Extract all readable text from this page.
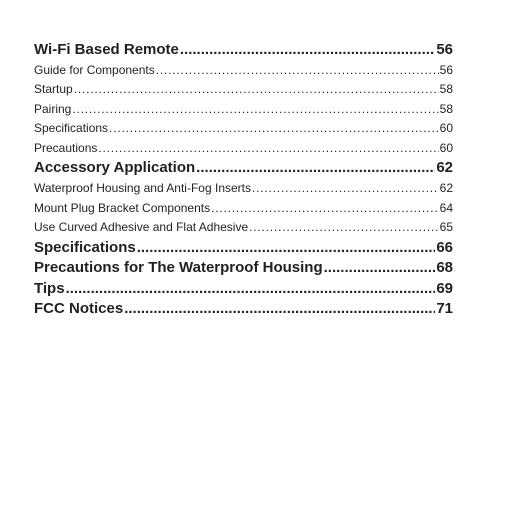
Wi-Fi Based Remote .....	56
Guide for Components .....	56
Startup .....	58
Pairing .....	58
Specifications .....	60
Precautions .....	60
Accessory Application .....	62
Waterproof Housing and Anti-Fog Inserts .....	62
Mount Plug Bracket Components .....	64
Use Curved Adhesive and Flat Adhesive .....	65
Specifications .....	66
Precautions for The Waterproof Housing .....	68
Tips .....	69
FCC Notices .....	71
